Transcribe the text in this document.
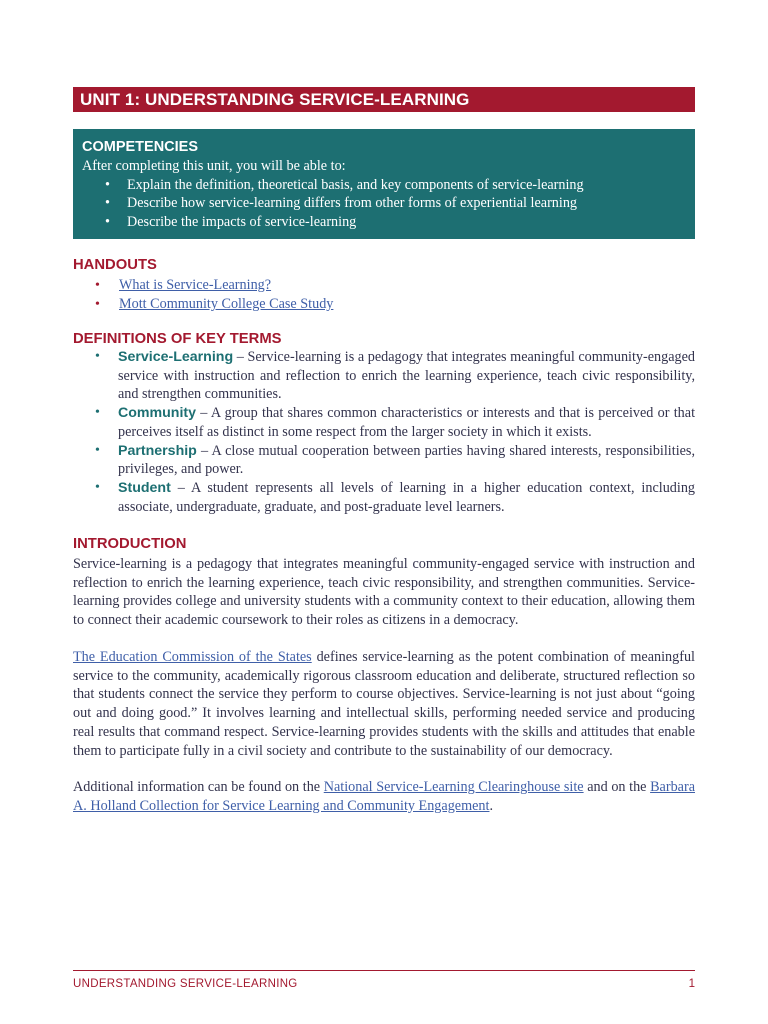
UNIT 1: UNDERSTANDING SERVICE-LEARNING
COMPETENCIES
After completing this unit, you will be able to:
• Explain the definition, theoretical basis, and key components of service-learning
• Describe how service-learning differs from other forms of experiential learning
• Describe the impacts of service-learning
HANDOUTS
• What is Service-Learning?
• Mott Community College Case Study
DEFINITIONS OF KEY TERMS
• Service-Learning – Service-learning is a pedagogy that integrates meaningful community-engaged service with instruction and reflection to enrich the learning experience, teach civic responsibility, and strengthen communities.
• Community – A group that shares common characteristics or interests and that is perceived or that perceives itself as distinct in some respect from the larger society in which it exists.
• Partnership – A close mutual cooperation between parties having shared interests, responsibilities, privileges, and power.
• Student – A student represents all levels of learning in a higher education context, including associate, undergraduate, graduate, and post-graduate level learners.
INTRODUCTION

Service-learning is a pedagogy that integrates meaningful community-engaged service with instruction and reflection to enrich the learning experience, teach civic responsibility, and strengthen communities. Service-learning provides college and university students with a community context to their education, allowing them to connect their academic coursework to their roles as citizens in a democracy.

The Education Commission of the States defines service-learning as the potent combination of meaningful service to the community, academically rigorous classroom education and deliberate, structured reflection so that students connect the service they perform to course objectives. Service-learning is not just about “going out and doing good.” It involves learning and intellectual skills, performing needed service and producing real results that command respect. Service-learning provides students with the skills and attitudes that enable them to participate fully in a civil society and contribute to the sustainability of our democracy.

Additional information can be found on the National Service-Learning Clearinghouse site and on the Barbara A. Holland Collection for Service Learning and Community Engagement.

UNDERSTANDING SERVICE-LEARNING	1
